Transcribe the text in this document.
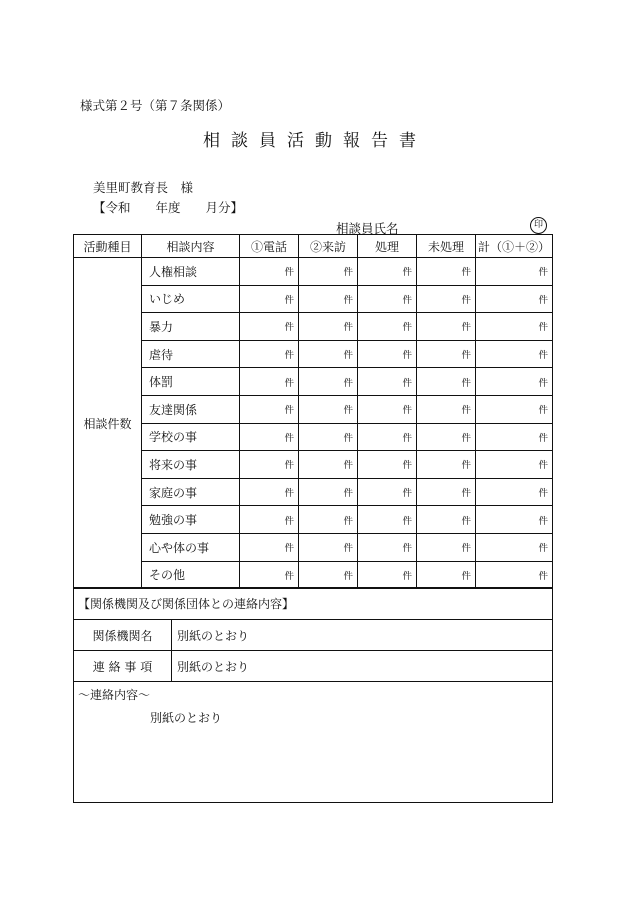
様式第２号（第７条関係）
相談員活動報告書
美里町教育長　様
【令和　　年度　　月分】
相談員氏名	印
活動種目	相談内容	①電話	②来訪	処理	未処理	計（①＋②）
相談件数	人権相談	件	件	件	件	件
	いじめ	件	件	件	件	件
	暴力	件	件	件	件	件
	虐待	件	件	件	件	件
	体罰	件	件	件	件	件
	友達関係	件	件	件	件	件
	学校の事	件	件	件	件	件
	将来の事	件	件	件	件	件
	家庭の事	件	件	件	件	件
	勉強の事	件	件	件	件	件
	心や体の事	件	件	件	件	件
	その他	件	件	件	件	件
【関係機関及び関係団体との連絡内容】	
関係機関名	別紙のとおり
連 絡 事 項	別紙のとおり

～連絡内容～
別紙のとおり	
